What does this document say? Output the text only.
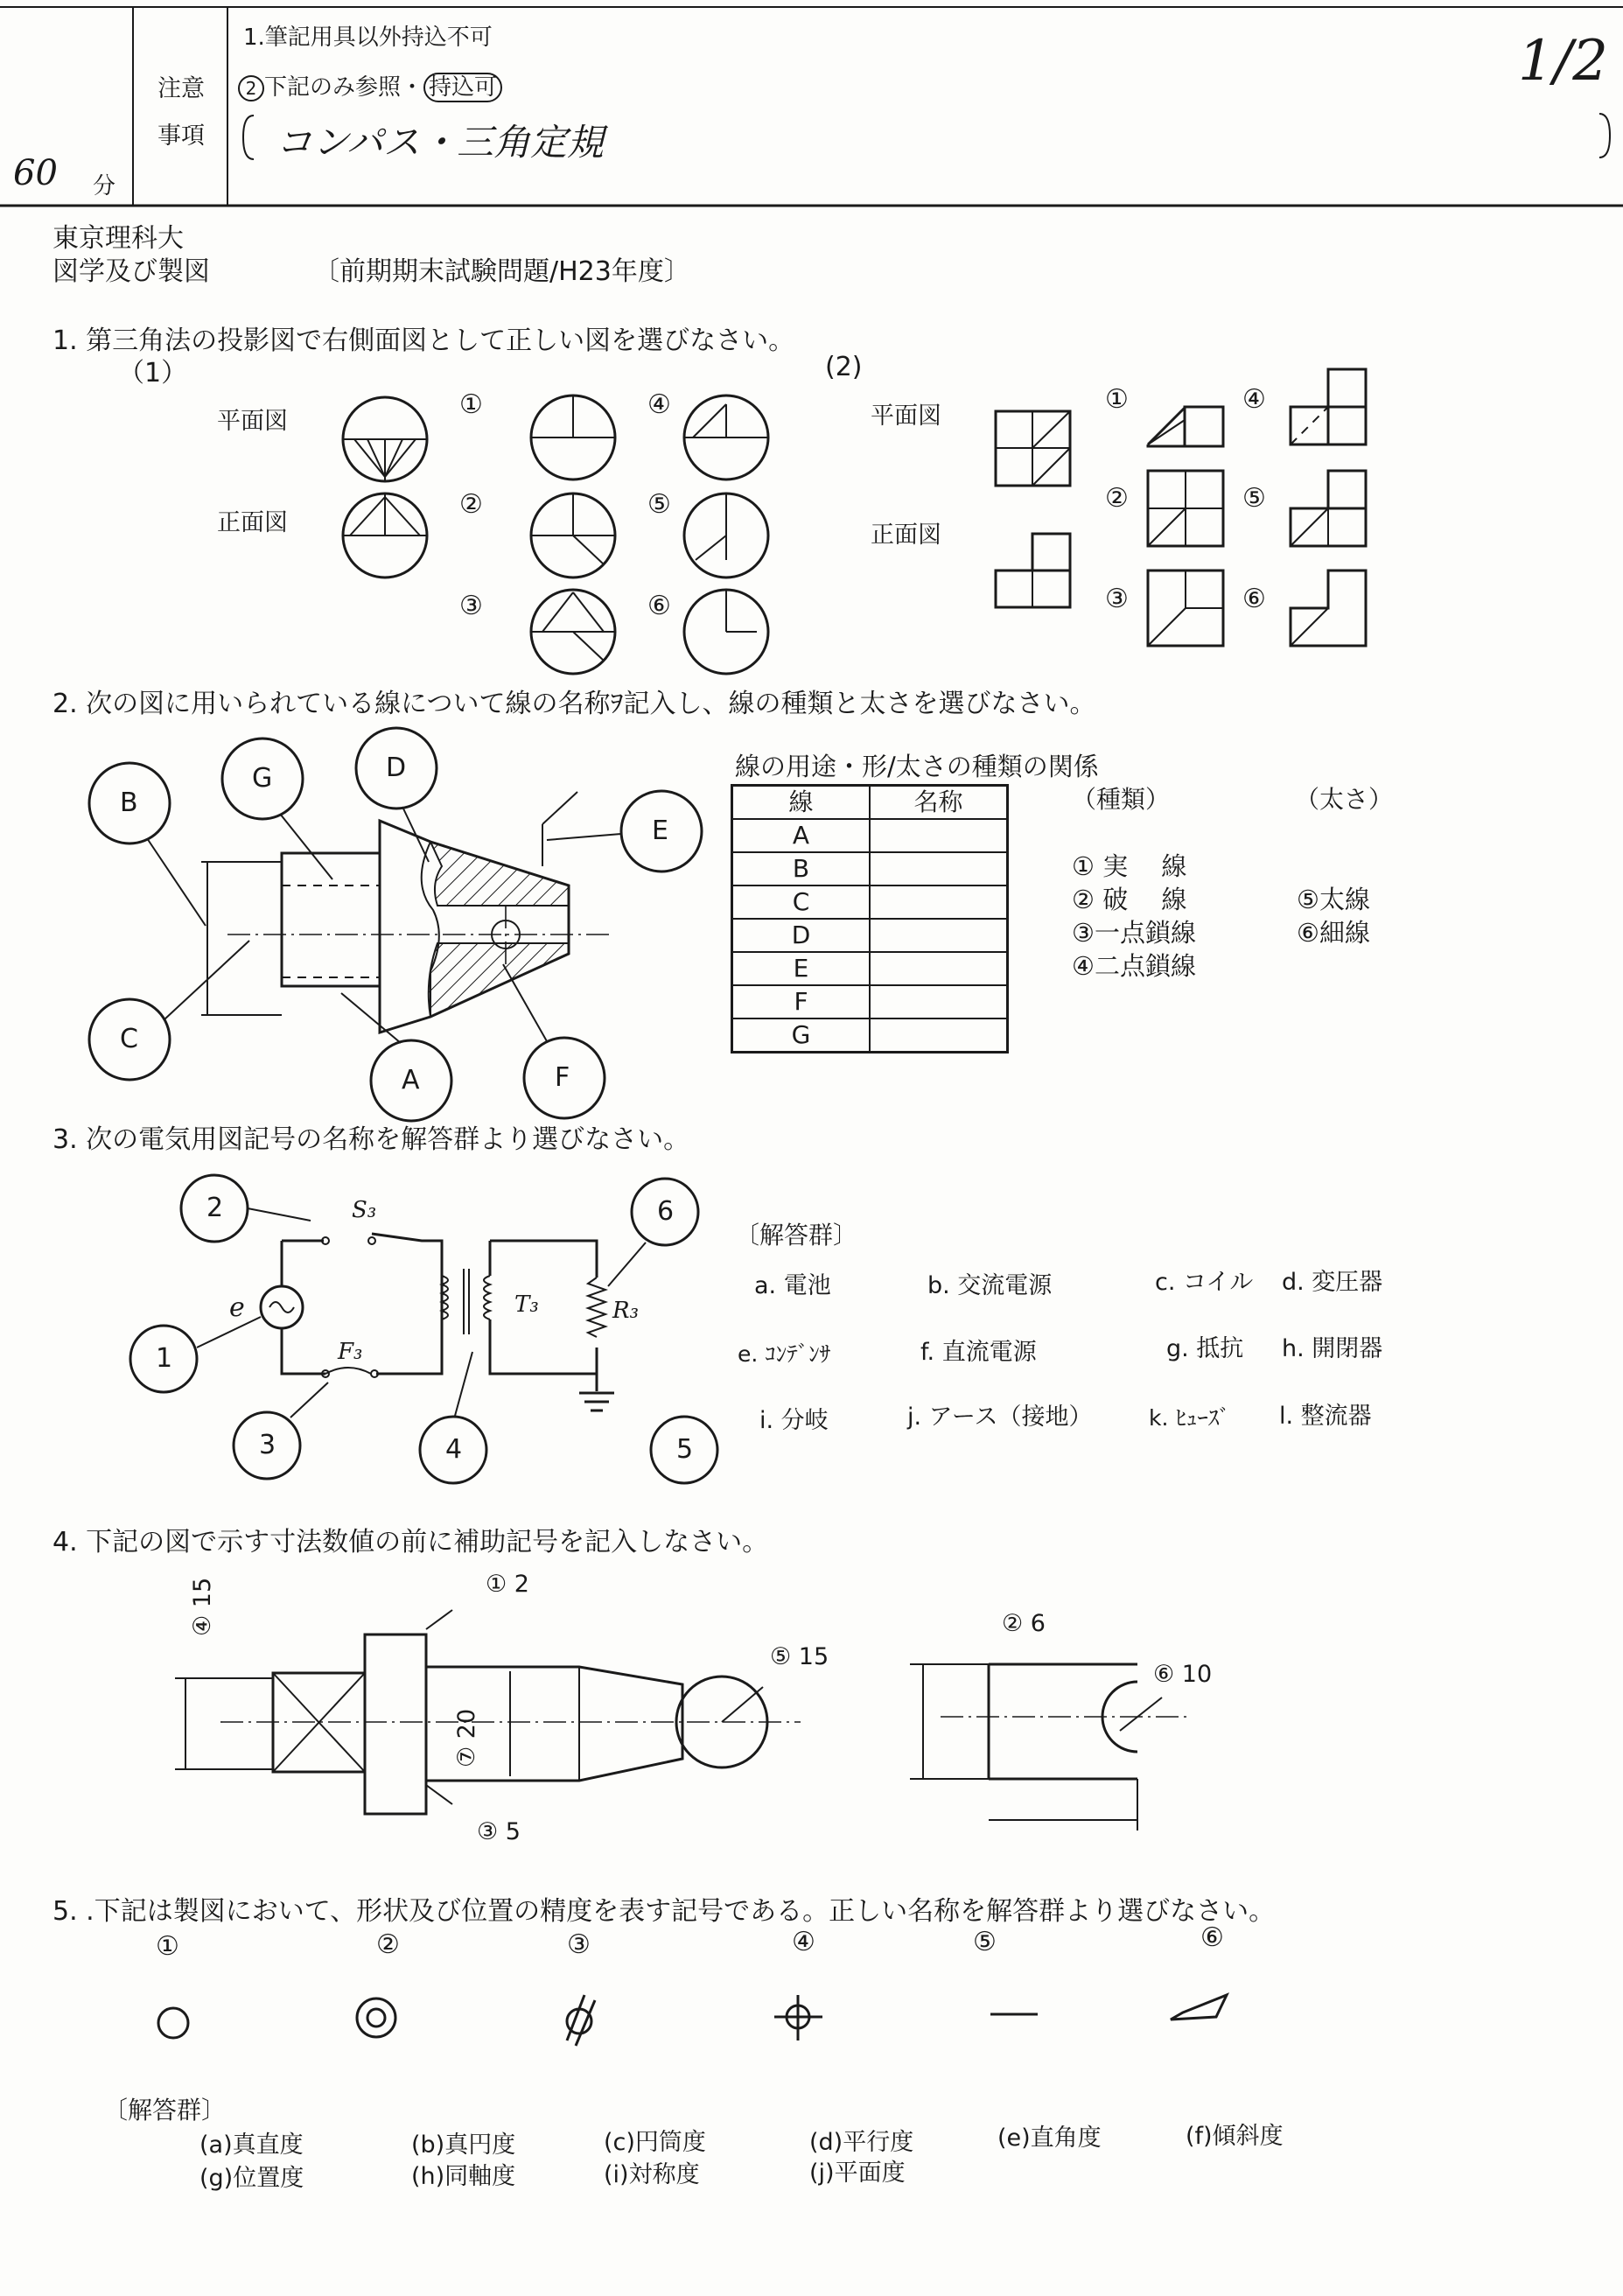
60 分
注意
事項
1.筆記用具以外持込不可
2 下記のみ参照・ 持込可
コンパス・三角定規
1/2
東京理科大
図学及び製図	〔前期期末試験問題/H23年度〕
1. 第三角法の投影図で右側面図として正しい図を選びなさい。
（1）	(2)
平面図
正面図
平面図
正面図
①
②
③
④
⑤
⑥
①
②
③
④
⑤
⑥
2. 次の図に用いられている線について線の名称ｦ記入し、線の種類と太さを選びなさい。
B
G	D
E
C
A	F
線の用途・形/太さの種類の関係
線	名称
A	
B	
C	
D	
E	
F	
G	
（種類）	（太さ）
① 実　 線
② 破　 線
③一点鎖線
④二点鎖線
⑤太線
⑥細線
3. 次の電気用図記号の名称を解答群より選びなさい。
e
S₃
F₃
T₃	R₃
2	6
1
3	4	5
〔解答群〕
a. 電池	b. 交流電源	c. コイル d. 変圧器
e. ｺﾝﾃﾞﾝｻ	f. 直流電源	g. 抵抗 h. 開閉器
i. 分岐	j. アース（接地）	k. ﾋｭｰｽﾞ l. 整流器
4. 下記の図で示す寸法数値の前に補助記号を記入しなさい。
① 2
② 6
③ 5
④ 15
⑤ 15
⑥ 10
⑦ 20
5. .下記は製図において、形状及び位置の精度を表す記号である。正しい名称を解答群より選びなさい。
①	②	③	④	⑤	⑥
〔解答群〕
(a)真直度	(b)真円度	(c)円筒度	(d)平行度	(e)直角度	(f)傾斜度
(g)位置度	(h)同軸度	(i)対称度	(j)平面度
